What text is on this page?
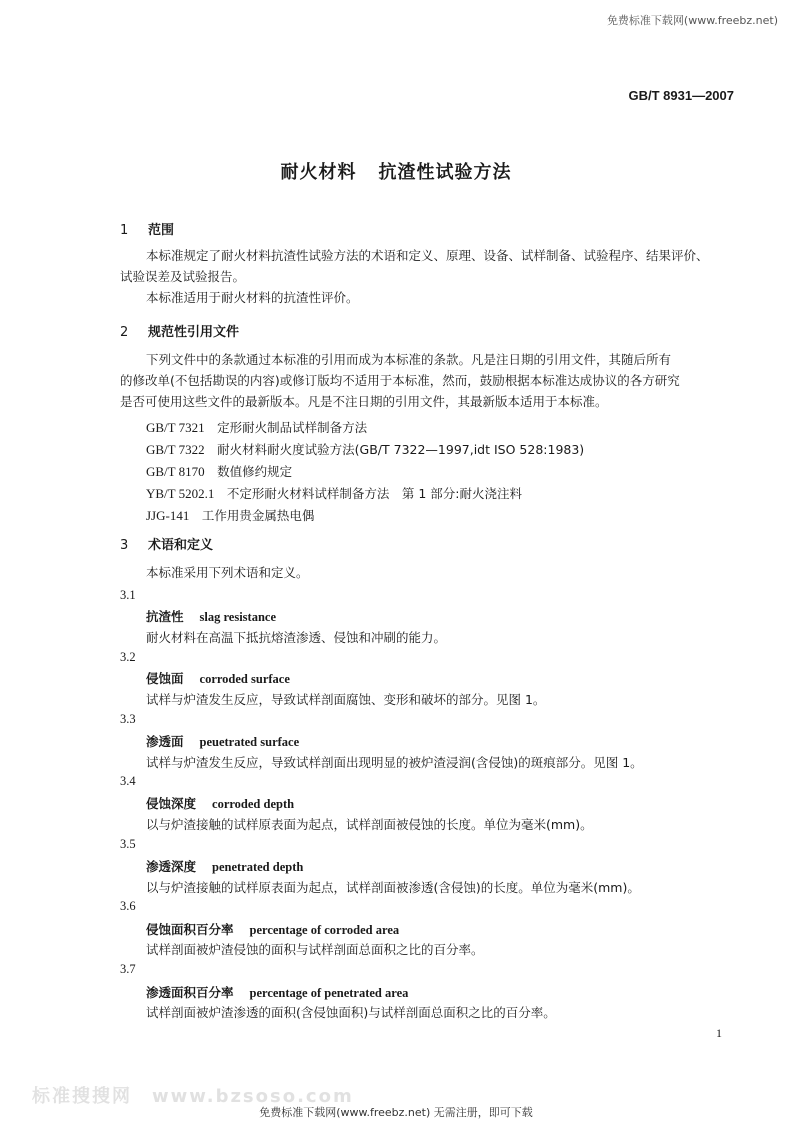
免费标准下载网(www.freebz.net)
GB/T 8931—2007
耐火材料 抗渣性试验方法
1 范围
本标准规定了耐火材料抗渣性试验方法的术语和定义、原理、设备、试样制备、试验程序、结果评价、
试验误差及试验报告。
本标准适用于耐火材料的抗渣性评价。
2 规范性引用文件
下列文件中的条款通过本标准的引用而成为本标准的条款。凡是注日期的引用文件，其随后所有
的修改单(不包括勘误的内容)或修订版均不适用于本标准，然而，鼓励根据本标准达成协议的各方研究
是否可使用这些文件的最新版本。凡是不注日期的引用文件，其最新版本适用于本标准。
GB/T 7321　 定形耐火制品试样制备方法
GB/T 7322　 耐火材料耐火度试验方法(GB/T 7322—1997,idt ISO 528:1983)
GB/T 8170　 数值修约规定
YB/T 5202.1　 不定形耐火材料试样制备方法　第 1 部分:耐火浇注料
JJG-141　 工作用贵金属热电偶
3 术语和定义
本标准采用下列术语和定义。
3.1
抗渣性 slag resistance
耐火材料在高温下抵抗熔渣渗透、侵蚀和冲刷的能力。
3.2
侵蚀面 corroded surface
试样与炉渣发生反应，导致试样剖面腐蚀、变形和破坏的部分。见图 1。
3.3
渗透面 peuetrated surface
试样与炉渣发生反应，导致试样剖面出现明显的被炉渣浸润(含侵蚀)的斑痕部分。见图 1。
3.4
侵蚀深度 corroded depth
以与炉渣接触的试样原表面为起点，试样剖面被侵蚀的长度。单位为毫米(mm)。
3.5
渗透深度 penetrated depth
以与炉渣接触的试样原表面为起点，试样剖面被渗透(含侵蚀)的长度。单位为毫米(mm)。
3.6
侵蚀面积百分率 percentage of corroded area
试样剖面被炉渣侵蚀的面积与试样剖面总面积之比的百分率。
3.7
渗透面积百分率 percentage of penetrated area
试样剖面被炉渣渗透的面积(含侵蚀面积)与试样剖面总面积之比的百分率。
1
标准搜搜网　www.bzsoso.com
免费标准下载网(www.freebz.net) 无需注册，即可下载
